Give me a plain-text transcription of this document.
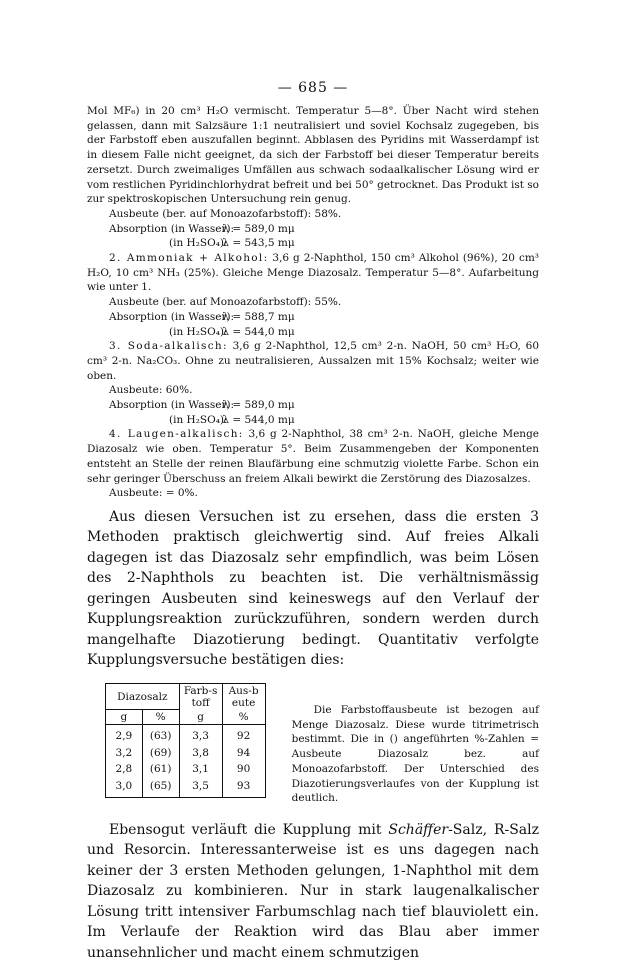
— 685 —

Mol MF₆) in 20 cm³ H₂O vermischt. Temperatur 5—8°. Über Nacht wird stehen gelassen, dann mit Salzsäure 1:1 neutralisiert und soviel Kochsalz zugegeben, bis der Farbstoff eben auszufallen beginnt. Abblasen des Pyridins mit Wasserdampf ist in diesem Falle nicht geeignet, da sich der Farbstoff bei dieser Temperatur bereits zersetzt. Durch zweimaliges Umfällen aus schwach sodaalkalischer Lösung wird er vom restlichen Pyridinchlorhydrat befreit und bei 50° getrocknet. Das Produkt ist so zur spektroskopischen Untersuchung rein genug.

Ausbeute (ber. auf Monoazofarbstoff): 58%.

Absorption (in Wasser): λ = 589,0 mμ
(in H₂SO₄): λ = 543,5 mμ

2. Ammoniak + Alkohol: 3,6 g 2-Naphthol, 150 cm³ Alkohol (96%), 20 cm³ H₂O, 10 cm³ NH₃ (25%). Gleiche Menge Diazosalz. Temperatur 5—8°. Aufarbeitung wie unter 1.

Ausbeute (ber. auf Monoazofarbstoff): 55%.

Absorption (in Wasser): λ = 588,7 mμ
(in H₂SO₄): λ = 544,0 mμ

3. Soda-alkalisch: 3,6 g 2-Naphthol, 12,5 cm³ 2-n. NaOH, 50 cm³ H₂O, 60 cm³ 2-n. Na₂CO₃. Ohne zu neutralisieren, Aussalzen mit 15% Kochsalz; weiter wie oben.

Ausbeute: 60%.

Absorption (in Wasser): λ = 589,0 mμ
(in H₂SO₄): λ = 544,0 mμ

4. Laugen-alkalisch: 3,6 g 2-Naphthol, 38 cm³ 2-n. NaOH, gleiche Menge Diazosalz wie oben. Temperatur 5°. Beim Zusammengeben der Komponenten entsteht an Stelle der reinen Blaufärbung eine schmutzig violette Farbe. Schon ein sehr geringer Überschuss an freiem Alkali bewirkt die Zerstörung des Diazosalzes.

Ausbeute: = 0%.

Aus diesen Versuchen ist zu ersehen, dass die ersten 3 Methoden praktisch gleichwertig sind. Auf freies Alkali dagegen ist das Diazosalz sehr empfindlich, was beim Lösen des 2-Naphthols zu beachten ist. Die verhältnismässig geringen Ausbeuten sind keineswegs auf den Verlauf der Kupplungsreaktion zurückzuführen, sondern werden durch mangelhafte Diazotierung bedingt. Quantitativ verfolgte Kupplungsversuche bestätigen dies:

Diazosalz		Farb-stoff	Aus-beute
g	%	g	%
2,9	(63)	3,3	92
3,2	(69)	3,8	94
2,8	(61)	3,1	90
3,0	(65)	3,5	93
Die Farbstoffausbeute ist bezogen auf Menge Diazosalz. Diese wurde titrimetrisch bestimmt. Die in () angeführten %-Zahlen = Ausbeute Diazosalz bez. auf Monoazofarbstoff. Der Unterschied des Diazotierungsverlaufes von der Kupplung ist deutlich.

Ebensogut verläuft die Kupplung mit Schäffer-Salz, R-Salz und Resorcin. Interessanterweise ist es uns dagegen nach keiner der 3 ersten Methoden gelungen, 1-Naphthol mit dem Diazosalz zu kombinieren. Nur in stark laugenalkalischer Lösung tritt intensiver Farbumschlag nach tief blauviolett ein. Im Verlaufe der Reaktion wird das Blau aber immer unansehnlicher und macht einem schmutzigen
